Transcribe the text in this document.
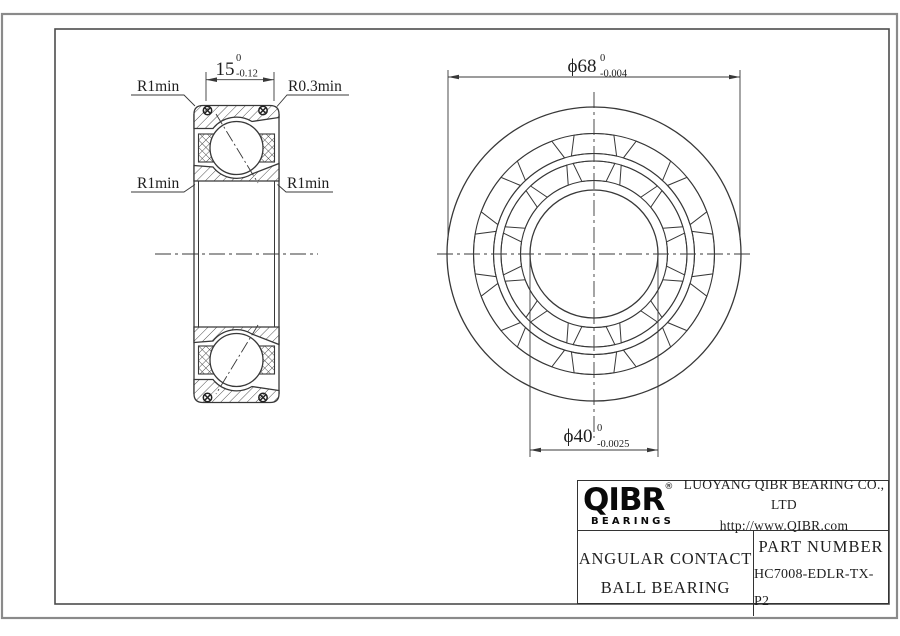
15
0
-0.12
R1min	R0.3min
R1min	R1min
ϕ68 0
-0.004
ϕ40 0
-0.0025
QIBR®
BEARINGS
LUOYANG QIBR BEARING CO., LTD
http://www.QIBR.com
ANGULAR CONTACT
BALL BEARING
PART NUMBER
HC7008-EDLR-TX-P2
